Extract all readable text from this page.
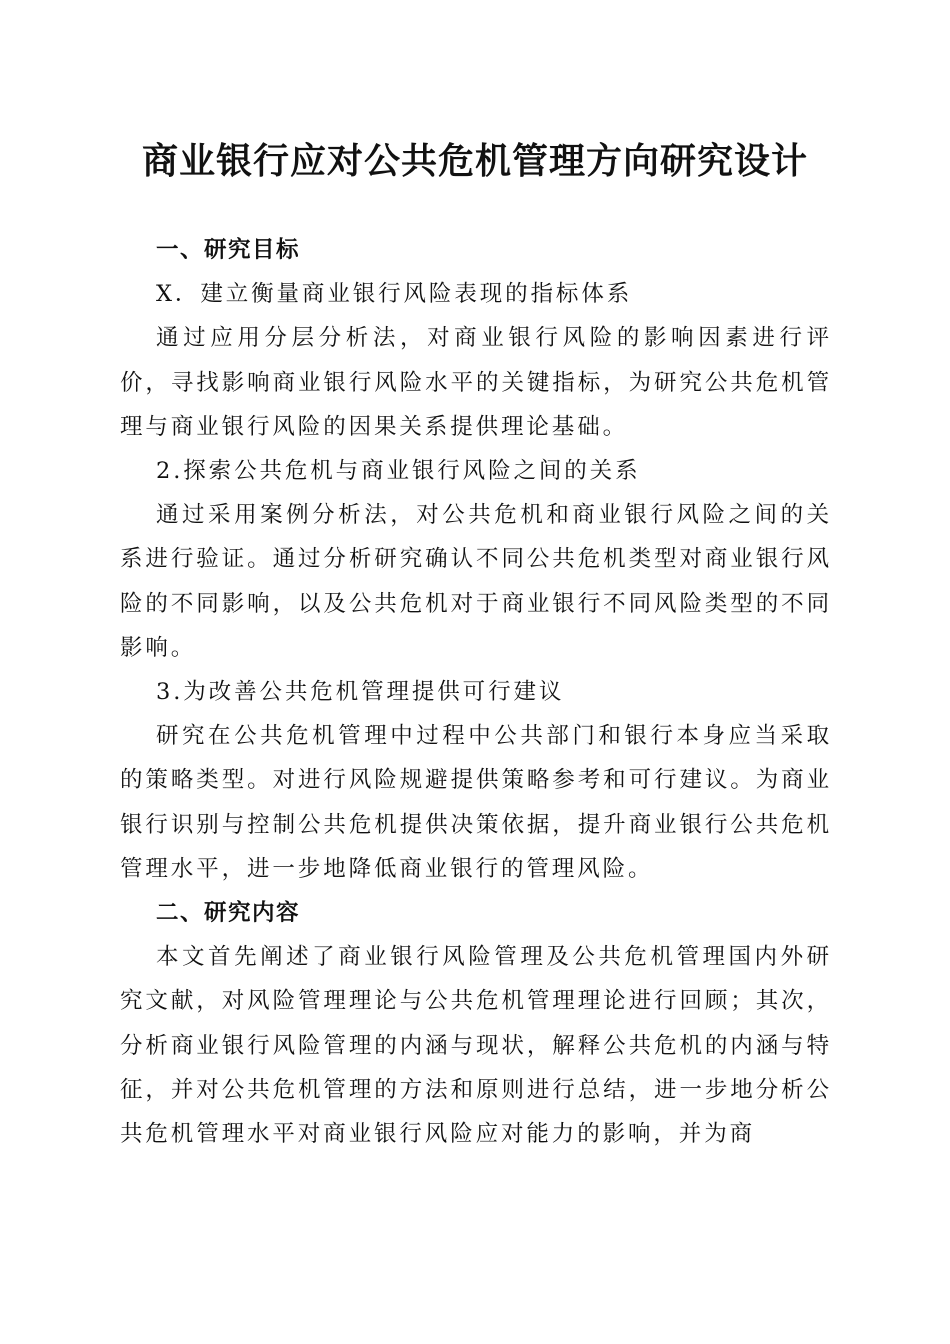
商业银行应对公共危机管理方向研究设计

一、研究目标

X．建立衡量商业银行风险表现的指标体系

通过应用分层分析法，对商业银行风险的影响因素进行评价，寻找影响商业银行风险水平的关键指标，为研究公共危机管理与商业银行风险的因果关系提供理论基础。

2.探索公共危机与商业银行风险之间的关系

通过采用案例分析法，对公共危机和商业银行风险之间的关系进行验证。通过分析研究确认不同公共危机类型对商业银行风险的不同影响，以及公共危机对于商业银行不同风险类型的不同影响。

3.为改善公共危机管理提供可行建议

研究在公共危机管理中过程中公共部门和银行本身应当采取的策略类型。对进行风险规避提供策略参考和可行建议。为商业银行识别与控制公共危机提供决策依据，提升商业银行公共危机管理水平，进一步地降低商业银行的管理风险。

二、研究内容

本文首先阐述了商业银行风险管理及公共危机管理国内外研究文献，对风险管理理论与公共危机管理理论进行回顾；其次，分析商业银行风险管理的内涵与现状，解释公共危机的内涵与特征，并对公共危机管理的方法和原则进行总结，进一步地分析公共危机管理水平对商业银行风险应对能力的影响，并为商
